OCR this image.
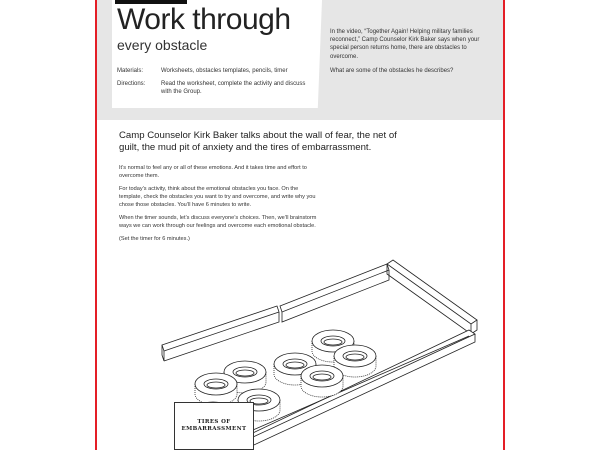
Work through
every obstacle
Materials:	Worksheets, obstacles templates, pencils, timer
Directions:	Read the worksheet, complete the activity and discuss with the Group.

In the video, “Together Again! Helping military families reconnect,” Camp Counselor Kirk Baker says when your special person returns home, there are obstacles to overcome.

What are some of the obstacles he describes?

Camp Counselor Kirk Baker talks about the wall of fear, the net of guilt, the mud pit of anxiety and the tires of embarrassment.

It’s normal to feel any or all of these emotions. And it takes time and effort to overcome them.

For today’s activity, think about the emotional obstacles you face. On the template, check the obstacles you want to try and overcome, and write why you chose those obstacles. You’ll have 6 minutes to write.

When the timer sounds, let’s discuss everyone’s choices. Then, we’ll brainstorm ways we can work through our feelings and overcome each emotional obstacle.

(Set the timer for 6 minutes.)

TIRES OF
EMBARRASSMENT
